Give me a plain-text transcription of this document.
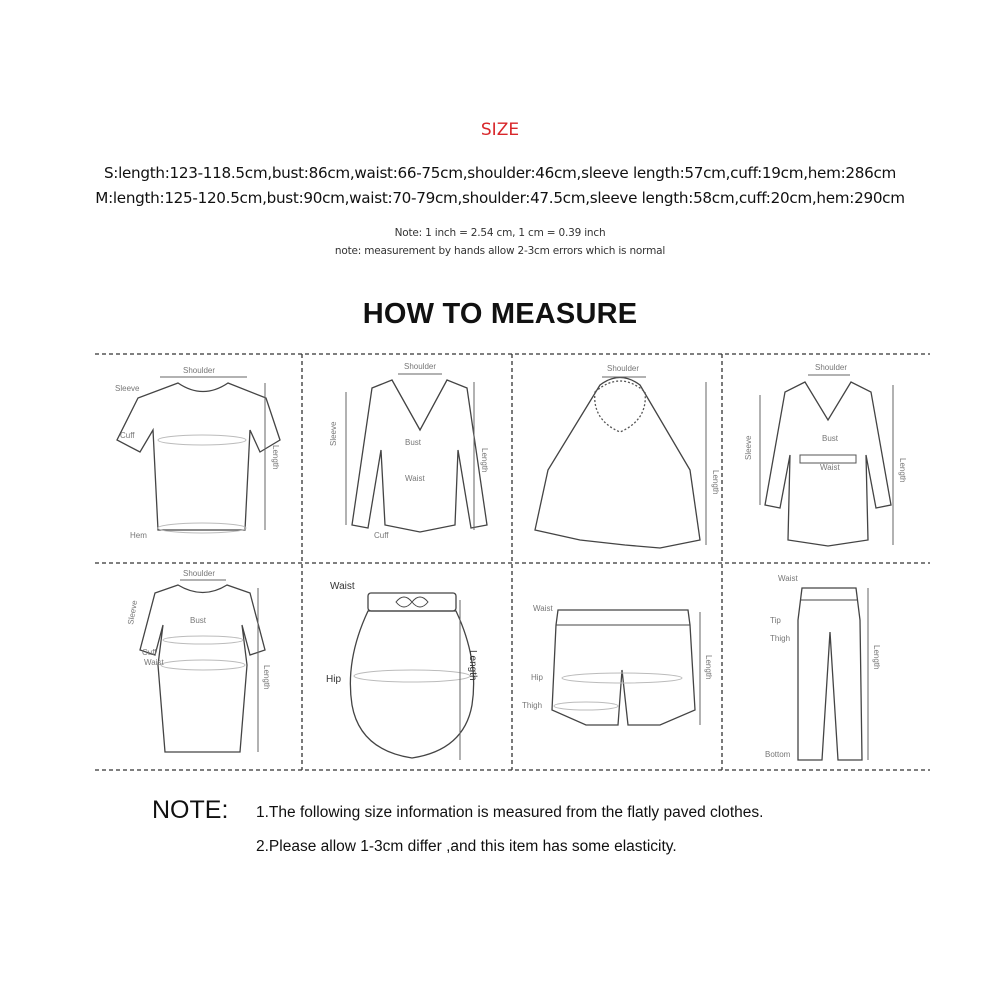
SIZE
S:length:123-118.5cm,bust:86cm,waist:66-75cm,shoulder:46cm,sleeve length:57cm,cuff:19cm,hem:286cm
M:length:125-120.5cm,bust:90cm,waist:70-79cm,shoulder:47.5cm,sleeve length:58cm,cuff:20cm,hem:290cm
Note: 1 inch = 2.54 cm, 1 cm = 0.39 inch
note: measurement by hands allow 2-3cm errors which is normal
HOW TO MEASURE
Shoulder
Sleeve
Cuff
Hem
Length
Shoulder
Sleeve	Bust
Waist
Cuff
Length
Shoulder
Length
Shoulder
Sleeve	Bust
Waist	Length
Shoulder
Sleeve	Bust
Cuff
Waist
Length
Waist
Hip	Length
Waist
Hip
Thigh
Length
Waist
Tip
Thigh
Bottom
Length
NOTE: 1.The following size information is measured from the flatly paved clothes.
2.Please allow 1-3cm differ ,and this item has some elasticity.
